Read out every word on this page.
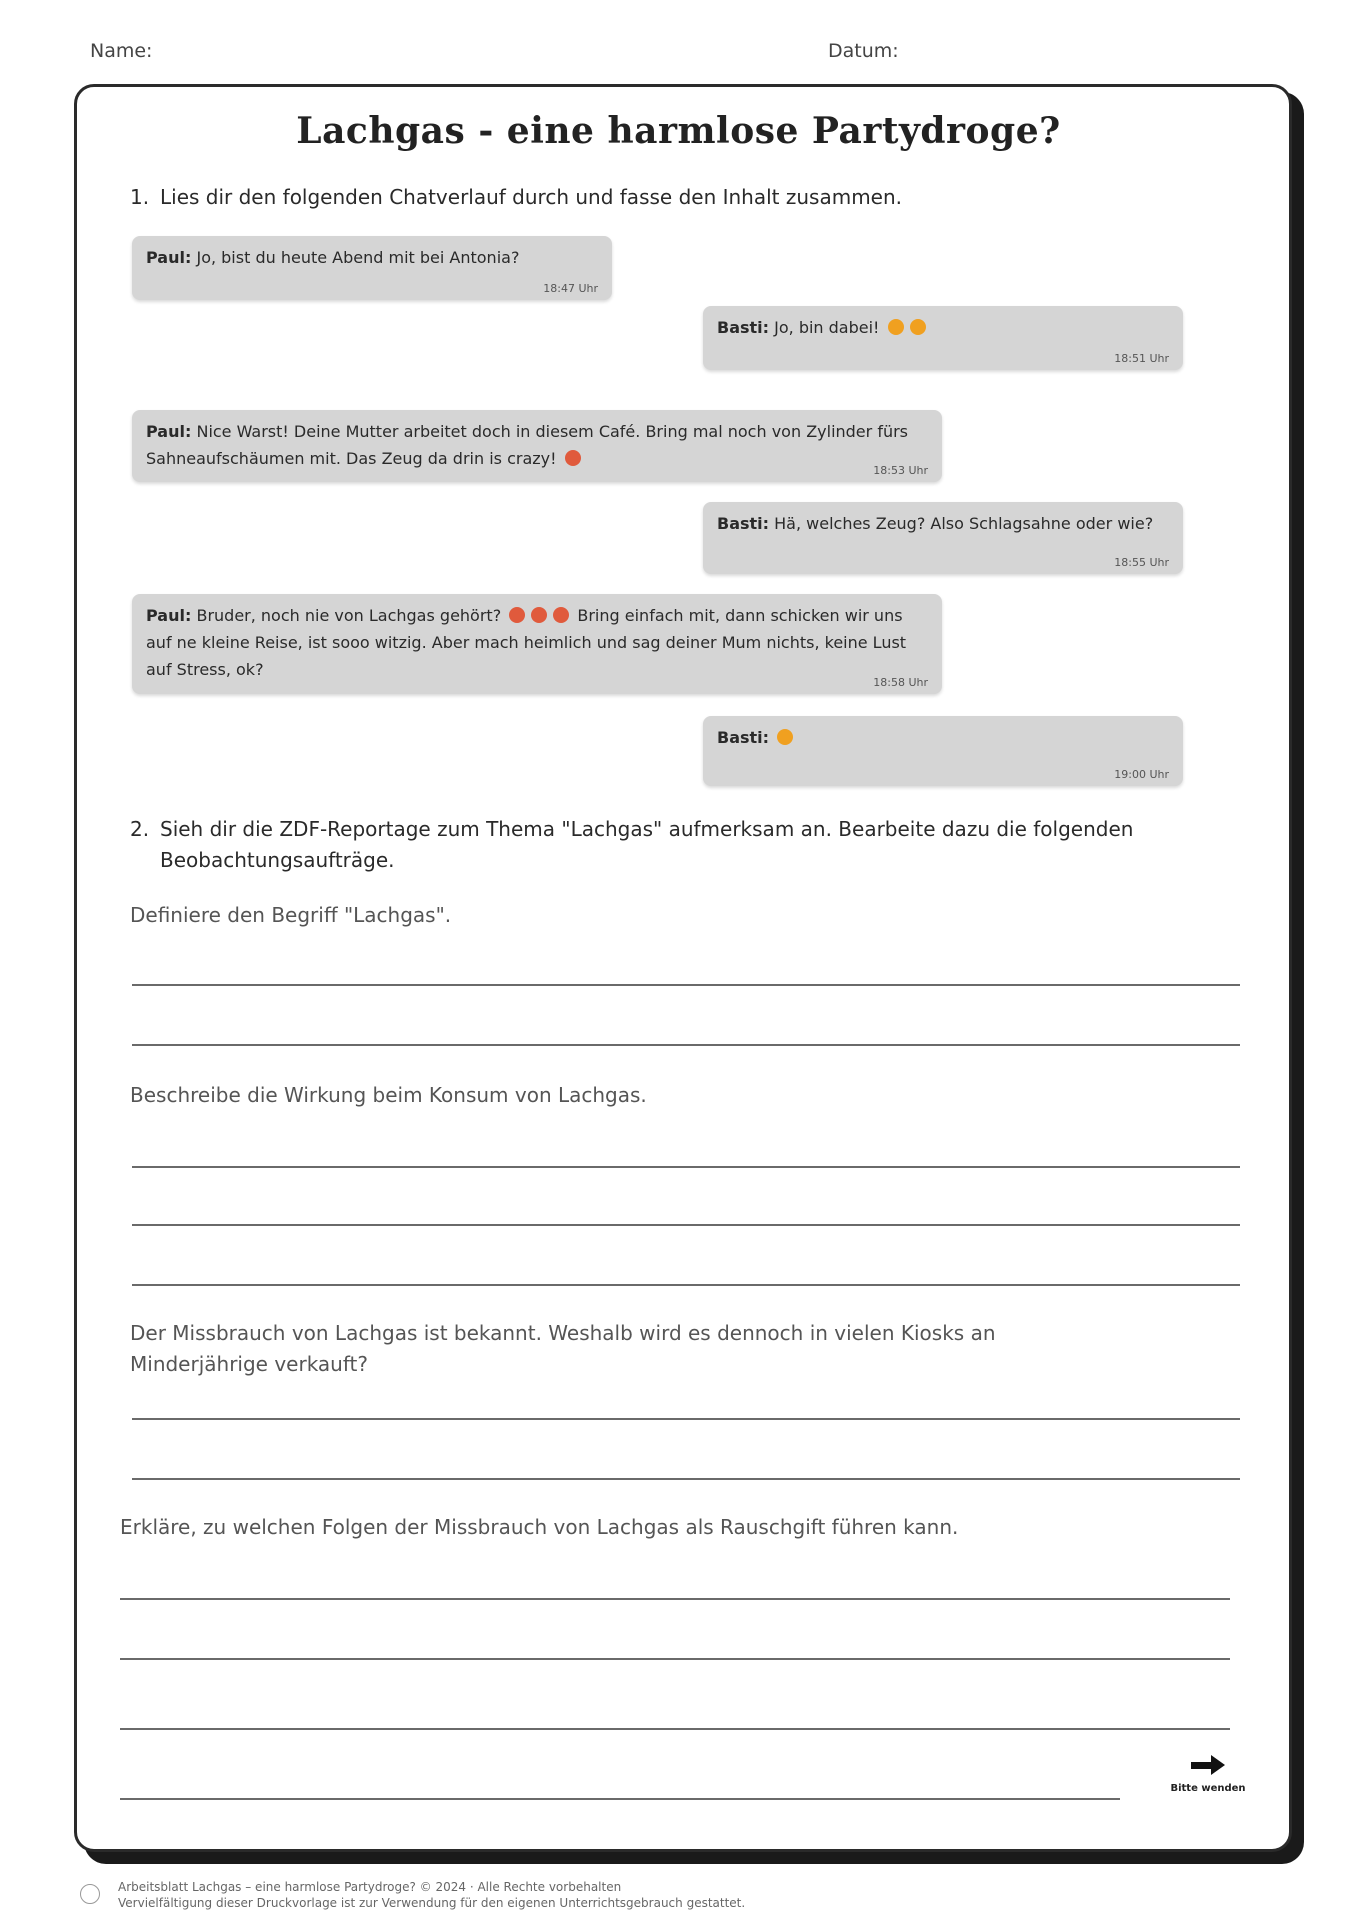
Name:	Datum:
Lachgas - eine harmlose Partydroge?
1. Lies dir den folgenden Chatverlauf durch und fasse den Inhalt zusammen.
Paul: Jo, bist du heute Abend mit bei Antonia?
18:47 Uhr
Basti: Jo, bin dabei!
18:51 Uhr
Paul: Nice Warst! Deine Mutter arbeitet doch in diesem Café. Bring mal noch von Zylinder fürs Sahneaufschäumen mit. Das Zeug da drin is crazy!
18:53 Uhr
Basti: Hä, welches Zeug? Also Schlagsahne oder wie?
18:55 Uhr
Paul: Bruder, noch nie von Lachgas gehört?	Bring einfach mit, dann schicken wir uns auf ne kleine Reise, ist sooo witzig. Aber mach heimlich und sag deiner Mum nichts, keine Lust auf Stress, ok?
18:58 Uhr
Basti:
19:00 Uhr
2. Sieh dir die ZDF-Reportage zum Thema "Lachgas" aufmerksam an. Bearbeite dazu die folgenden Beobachtungsaufträge.
Definiere den Begriff "Lachgas".
Beschreibe die Wirkung beim Konsum von Lachgas.
Der Missbrauch von Lachgas ist bekannt. Weshalb wird es dennoch in vielen Kiosks an Minderjährige verkauft?
Erkläre, zu welchen Folgen der Missbrauch von Lachgas als Rauschgift führen kann.
Bitte wenden
Arbeitsblatt Lachgas – eine harmlose Partydroge? © 2024 · Alle Rechte vorbehalten
Vervielfältigung dieser Druckvorlage ist zur Verwendung für den eigenen Unterrichtsgebrauch gestattet.
